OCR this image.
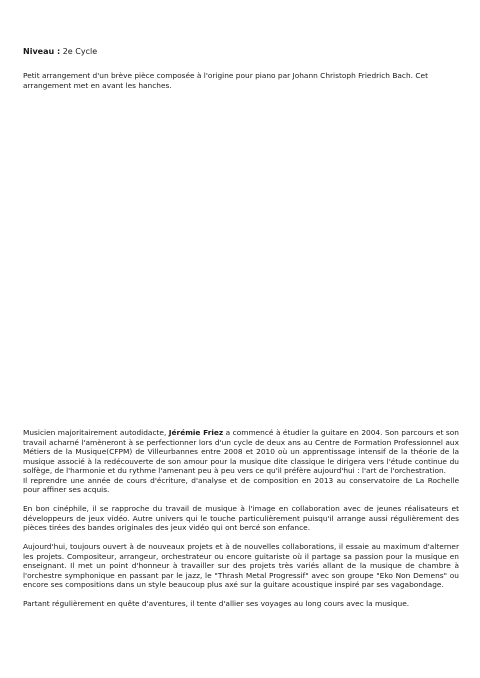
Niveau : 2e Cycle
Petit arrangement d'un brève pièce composée à l'origine pour piano par Johann Christoph Friedrich Bach. Cet arrangement met en avant les hanches.

Musicien majoritairement autodidacte, Jérémie Friez a commencé à étudier la guitare en 2004. Son parcours et son travail acharné l'amèneront à se perfectionner lors d'un cycle de deux ans au Centre de Formation Professionnel aux Métiers de la Musique(CFPM) de Villeurbannes entre 2008 et 2010 où un apprentissage intensif de la théorie de la musique associé à la redécouverte de son amour pour la musique dite classique le dirigera vers l'étude continue du solfège, de l'harmonie et du rythme l'amenant peu à peu vers ce qu'il préfère aujourd'hui : l'art de l'orchestration.
Il reprendre une année de cours d'écriture, d'analyse et de composition en 2013 au conservatoire de La Rochelle pour affiner ses acquis.

En bon cinéphile, il se rapproche du travail de musique à l'image en collaboration avec de jeunes réalisateurs et développeurs de jeux vidéo. Autre univers qui le touche particulièrement puisqu'il arrange aussi régulièrement des pièces tirées des bandes originales des jeux vidéo qui ont bercé son enfance.

Aujourd'hui, toujours ouvert à de nouveaux projets et à de nouvelles collaborations, il essaie au maximum d'alterner les projets. Compositeur, arrangeur, orchestrateur ou encore guitariste où il partage sa passion pour la musique en enseignant. Il met un point d'honneur à travailler sur des projets très variés allant de la musique de chambre à l'orchestre symphonique en passant par le jazz, le "Thrash Metal Progressif" avec son groupe "Eko Non Demens" ou encore ses compositions dans un style beaucoup plus axé sur la guitare acoustique inspiré par ses vagabondage.

Partant régulièrement en quête d'aventures, il tente d'allier ses voyages au long cours avec la musique.
